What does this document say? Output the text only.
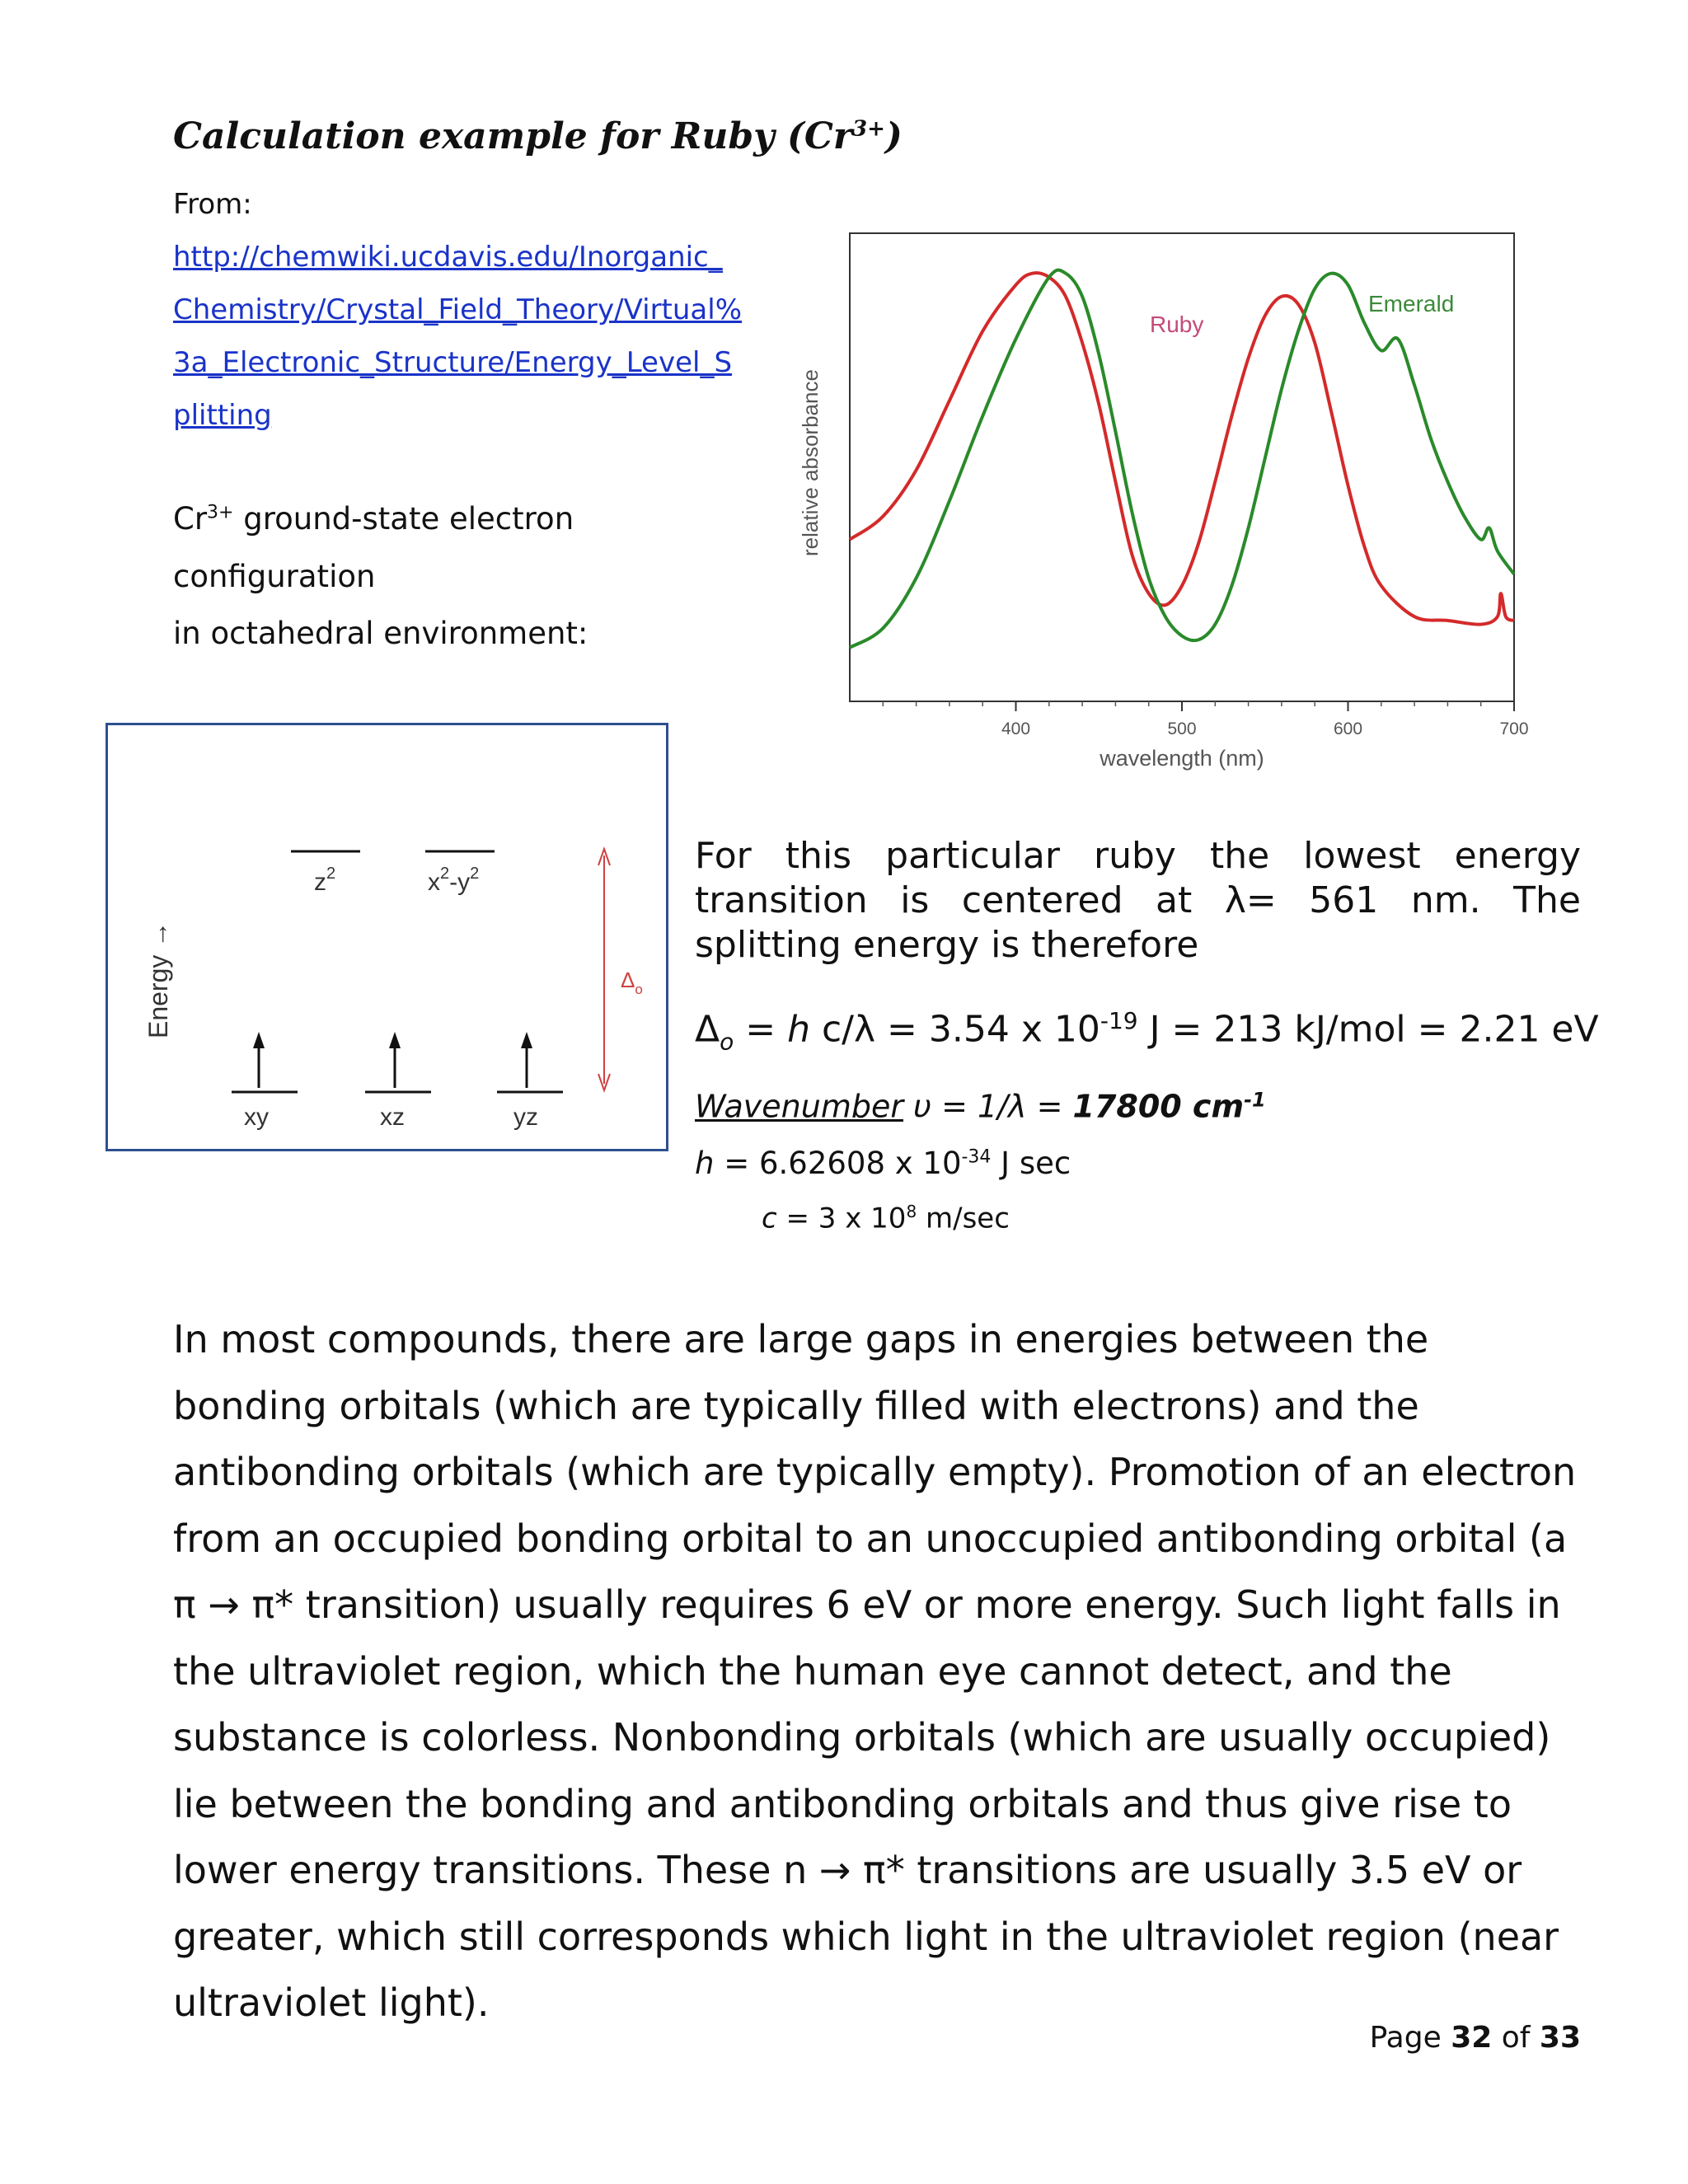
Calculation example for Ruby $(Cr^{3+})$
From:
http://chemwiki.ucdavis.edu/Inorganic_
Chemistry/Crystal_Field_Theory/Virtual%
3a_Electronic_Structure/Energy_Level_S
plitting
$Cr^{3+}$ ground-state electron
configuration
in octahedral environment:
Energy →
$z^2$	$x^2-y^2$
xy	xz	yz
$\Delta_o$
400	500	600	700
relative absorbance
wavelength (nm)
Ruby
Emerald
For this particular ruby the lowest energy transition is centered at λ= 561 nm. The splitting energy is therefore
$\Delta_o = h$ c/λ = 3.54 x $10^{-19}$ J = 213 kJ/mol = 2.21 eV
Wavenumber υ = 1/λ = 17800 $cm^{-1}$
h = 6.62608 x $10^{-34}$ J sec
c = 3 x $10^8$ m/sec
In most compounds, there are large gaps in energies between the bonding orbitals (which are typically filled with electrons) and the antibonding orbitals (which are typically empty). Promotion of an electron from an occupied bonding orbital to an unoccupied antibonding orbital (a π → π* transition) usually requires 6 eV or more energy. Such light falls in the ultraviolet region, which the human eye cannot detect, and the substance is colorless. Nonbonding orbitals (which are usually occupied) lie between the bonding and antibonding orbitals and thus give rise to lower energy transitions. These n → π* transitions are usually 3.5 eV or greater, which still corresponds which light in the ultraviolet region (near ultraviolet light).
Page 32 of 33
